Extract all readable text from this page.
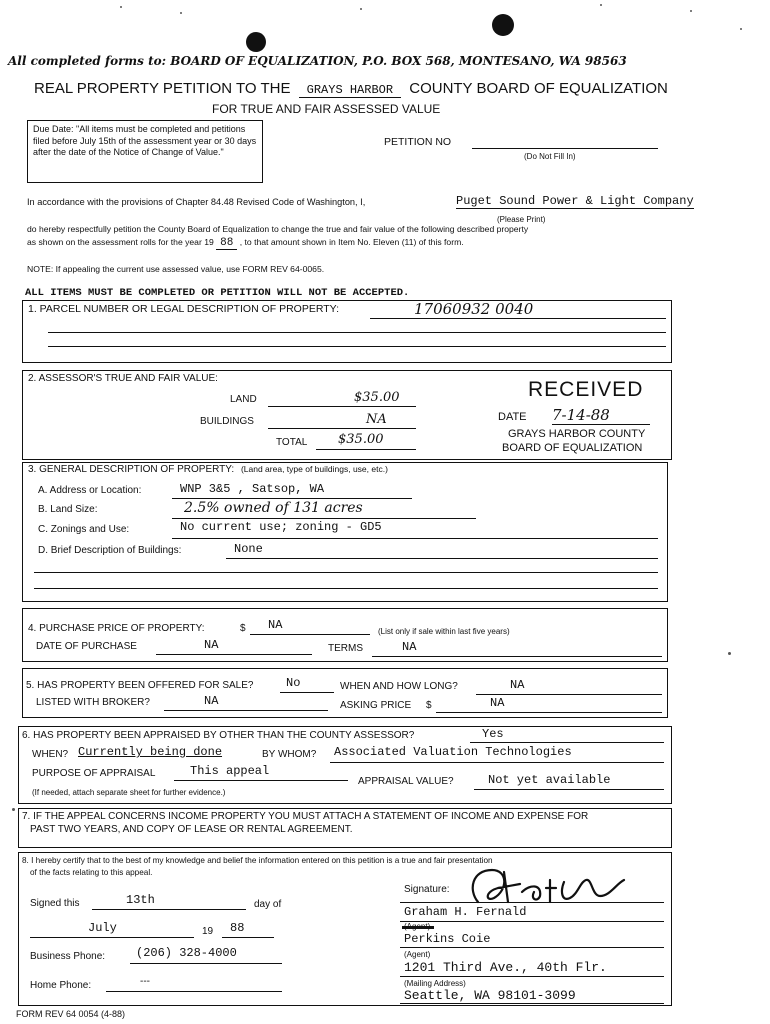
All completed forms to: BOARD OF EQUALIZATION, P.O. BOX 568, MONTESANO, WA 98563
REAL PROPERTY PETITION TO THE GRAYS HARBOR COUNTY BOARD OF EQUALIZATION
FOR TRUE AND FAIR ASSESSED VALUE
Due Date: "All items must be completed and petitions filed before July 15th of the assessment year or 30 days after the date of the Notice of Change of Value."
PETITION NO
(Do Not Fill In)
In accordance with the provisions of Chapter 84.48 Revised Code of Washington, I,	Puget Sound Power & Light Company
(Please Print)
do hereby respectfully petition the County Board of Equalization to change the true and fair value of the following described property
as shown on the assessment rolls for the year 19 88 , to that amount shown in Item No. Eleven (11) of this form.
NOTE: If appealing the current use assessed value, use FORM REV 64-0065.
ALL ITEMS MUST BE COMPLETED OR PETITION WILL NOT BE ACCEPTED.
1. PARCEL NUMBER OR LEGAL DESCRIPTION OF PROPERTY:	17060932 0040
2. ASSESSOR'S TRUE AND FAIR VALUE:
LAND	$35.00
BUILDINGS	NA
TOTAL $35.00
RECEIVED
DATE 7-14-88
GRAYS HARBOR COUNTY
BOARD OF EQUALIZATION
3. GENERAL DESCRIPTION OF PROPERTY: (Land area, type of buildings, use, etc.)
A. Address or Location:	WNP 3&5 , Satsop, WA
B. Land Size:	2.5% owned of 131 acres
C. Zonings and Use:	No current use; zoning - GD5
D. Brief Description of Buildings:	None
4. PURCHASE PRICE OF PROPERTY:	$ NA	(List only if sale within last five years)
DATE OF PURCHASE	NA	TERMS	NA
5. HAS PROPERTY BEEN OFFERED FOR SALE?	No	WHEN AND HOW LONG?	NA
LISTED WITH BROKER?	NA	ASKING PRICE $	NA
6. HAS PROPERTY BEEN APPRAISED BY OTHER THAN THE COUNTY ASSESSOR?	Yes
WHEN? Currently being done	BY WHOM? Associated Valuation Technologies
PURPOSE OF APPRAISAL	This appeal
APPRAISAL VALUE?	Not yet available
(If needed, attach separate sheet for further evidence.)
7. IF THE APPEAL CONCERNS INCOME PROPERTY YOU MUST ATTACH A STATEMENT OF INCOME AND EXPENSE FOR
PAST TWO YEARS, AND COPY OF LEASE OR RENTAL AGREEMENT.
8. I hereby certify that to the best of my knowledge and belief the information entered on this petition is a true and fair presentation
of the facts relating to this appeal.
Signed this	13th	day of
July	19 88
Business Phone:	(206) 328-4000
Home Phone:	---
Signature:
Graham H. Fernald
Perkins Coie
(Agent)
1201 Third Ave., 40th Flr.
(Mailing Address)
Seattle, WA 98101-3099
FORM REV 64 0054 (4-88)
